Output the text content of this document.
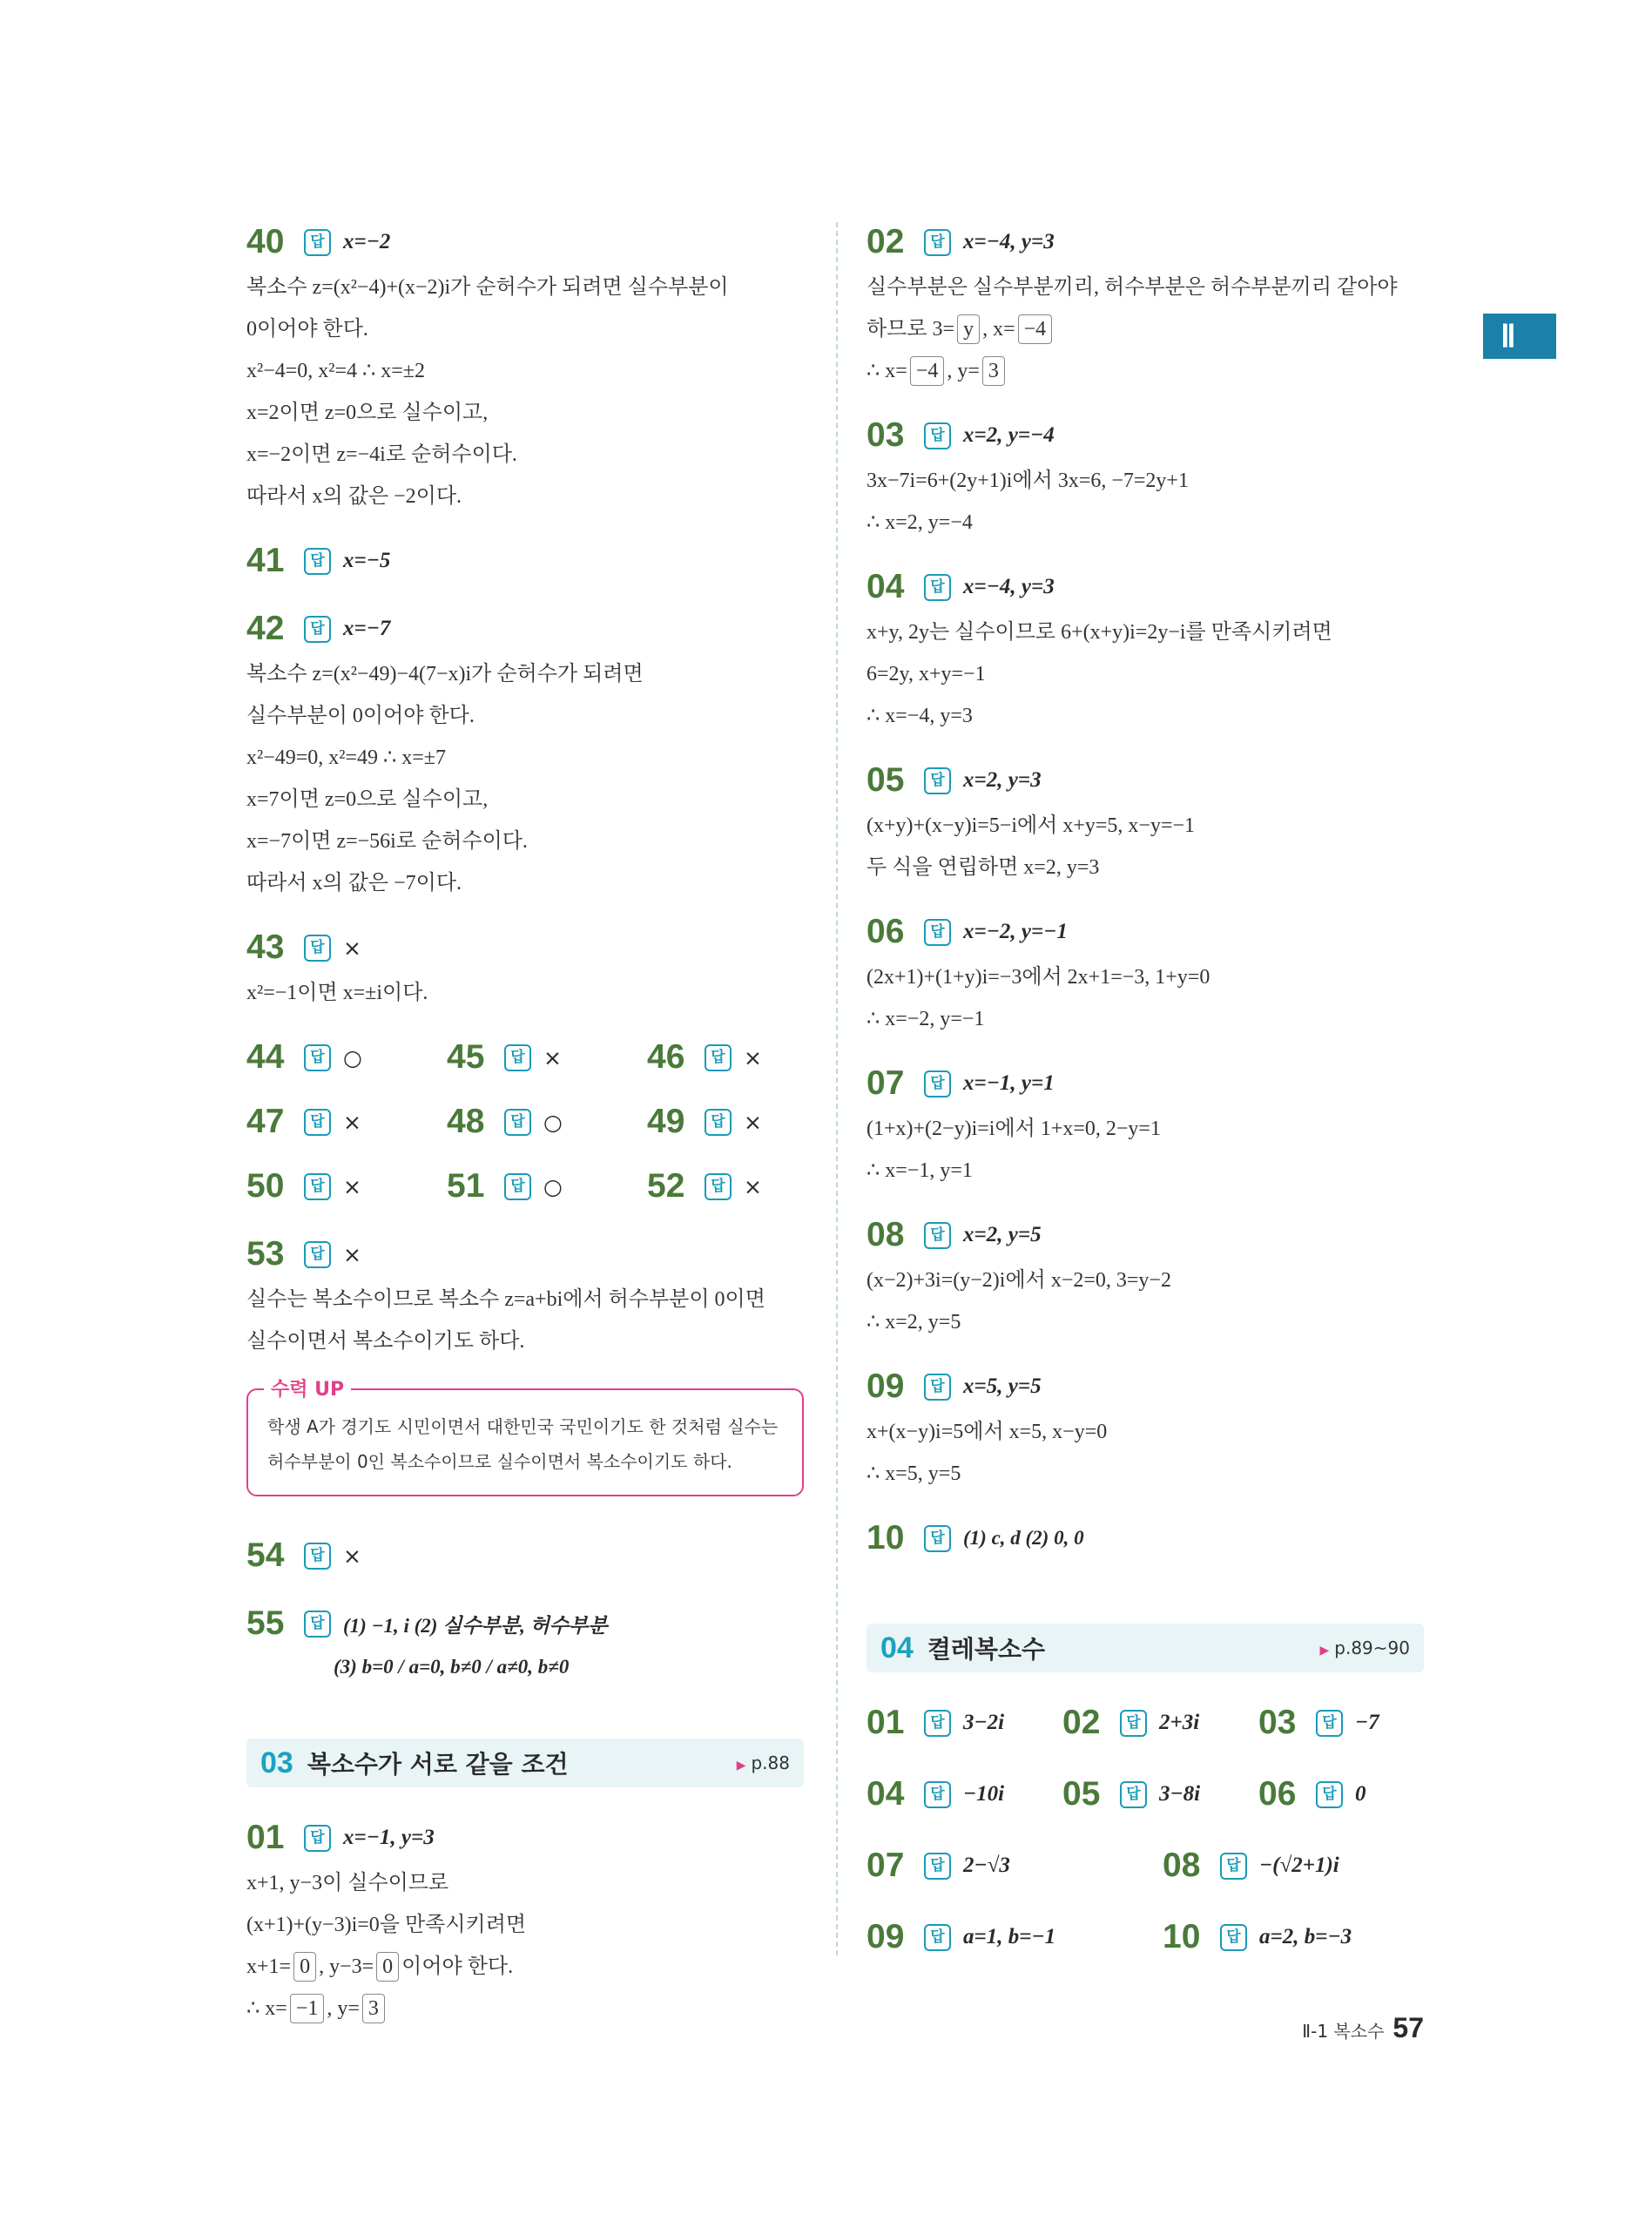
Ⅱ
40	답 x=−2
복소수 z=(x²−4)+(x−2)i가 순허수가 되려면 실수부분이
0이어야 한다.
x²−4=0, x²=4 ∴ x=±2
x=2이면 z=0으로 실수이고,
x=−2이면 z=−4i로 순허수이다.
따라서 x의 값은 −2이다.
41	답 x=−5
42	답 x=−7
복소수 z=(x²−49)−4(7−x)i가 순허수가 되려면
실수부분이 0이어야 한다.
x²−49=0, x²=49 ∴ x=±7
x=7이면 z=0으로 실수이고,
x=−7이면 z=−56i로 순허수이다.
따라서 x의 값은 −7이다.
43	답 ×
x²=−1이면 x=±i이다.
44	답 ○ 45	답 ×	46	답 ×
47	답 ×	48	답 ○ 49	답 ×
50	답 ×	51	답 ○ 52	답 ×
53	답 ×
실수는 복소수이므로 복소수 z=a+bi에서 허수부분이 0이면
실수이면서 복소수이기도 하다.
수력 UP
학생 A가 경기도 시민이면서 대한민국 국민이기도 한 것처럼 실수는
허수부분이 0인 복소수이므로 실수이면서 복소수이기도 하다.
54	답 ×
55	답 (1) −1, i (2) 실수부분, 허수부분
(3) b=0 / a=0, b≠0 / a≠0, b≠0
03 복소수가 서로 같을 조건	▶ p.88
01	답 x=−1, y=3
x+1, y−3이 실수이므로
(x+1)+(y−3)i=0을 만족시키려면
x+1= 0 , y−3= 0 이어야 한다.
∴ x= −1 , y= 3
02	답 x=−4, y=3
실수부분은 실수부분끼리, 허수부분은 허수부분끼리 같아야
하므로 3= y , x= −4
∴ x= −4 , y= 3
03	답 x=2, y=−4
3x−7i=6+(2y+1)i에서 3x=6, −7=2y+1
∴ x=2, y=−4
04	답 x=−4, y=3
x+y, 2y는 실수이므로 6+(x+y)i=2y−i를 만족시키려면
6=2y, x+y=−1
∴ x=−4, y=3
05	답 x=2, y=3
(x+y)+(x−y)i=5−i에서 x+y=5, x−y=−1
두 식을 연립하면 x=2, y=3
06	답 x=−2, y=−1
(2x+1)+(1+y)i=−3에서 2x+1=−3, 1+y=0
∴ x=−2, y=−1
07	답 x=−1, y=1
(1+x)+(2−y)i=i에서 1+x=0, 2−y=1
∴ x=−1, y=1
08	답 x=2, y=5
(x−2)+3i=(y−2)i에서 x−2=0, 3=y−2
∴ x=2, y=5
09	답 x=5, y=5
x+(x−y)i=5에서 x=5, x−y=0
∴ x=5, y=5
10	답 (1) c, d (2) 0, 0
04 켤레복소수	▶ p.89~90
01	답 3−2i 02	답 2+3i 03	답 −7
04	답 −10i 05	답 3−8i 06	답 0
07	답 2−√3	08	답 −(√2+1)i
09	답 a=1, b=−1	10	답 a=2, b=−3
Ⅱ-1 복소수 57
